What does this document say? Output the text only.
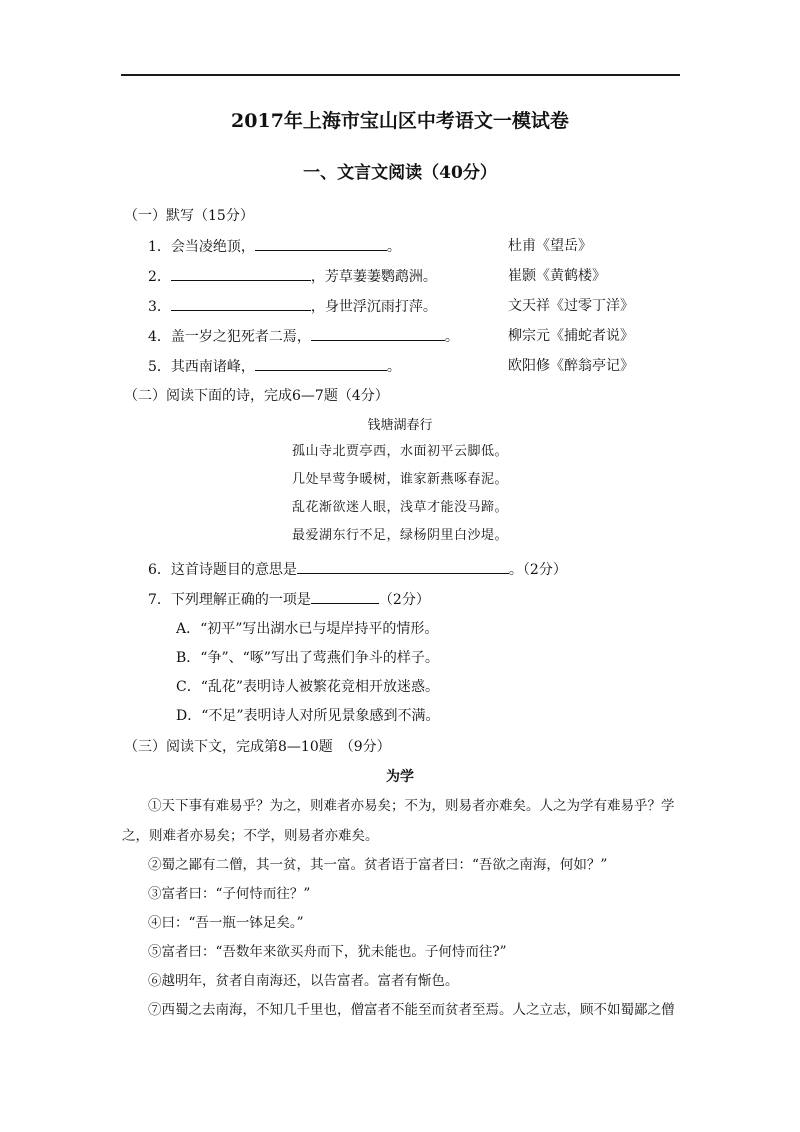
2017年上海市宝山区中考语文一模试卷
一、文言文阅读（40分）
（一）默写（15分）
1．会当凌绝顶，	。	杜甫《望岳》
2．	，芳草萋萋鹦鹉洲。	崔颢《黄鹤楼》
3．	，身世浮沉雨打萍。	文天祥《过零丁洋》
4．盖一岁之犯死者二焉，	。	柳宗元《捕蛇者说》
5．其西南诸峰，	。	欧阳修《醉翁亭记》
（二）阅读下面的诗，完成6—7题（4分）
钱塘湖春行
孤山寺北贾亭西，水面初平云脚低。
几处早莺争暖树，谁家新燕啄春泥。
乱花渐欲迷人眼，浅草才能没马蹄。
最爱湖东行不足，绿杨阴里白沙堤。
6．这首诗题目的意思是	。（2分）
7．下列理解正确的一项是	（2分）
A．“初平”写出湖水已与堤岸持平的情形。
B．“争”、“啄”写出了莺燕们争斗的样子。
C．“乱花”表明诗人被繁花竞相开放迷惑。
D．“不足”表明诗人对所见景象感到不满。
（三）阅读下文，完成第8—10题　（9分）
为学
①天下事有难易乎？为之，则难者亦易矣；不为，则易者亦难矣。人之为学有难易乎？学
之，则难者亦易矣；不学，则易者亦难矣。
②蜀之鄙有二僧，其一贫，其一富。贫者语于富者曰：“吾欲之南海，何如？”
③富者曰：“子何恃而往？”
④曰：“吾一瓶一钵足矣。”
⑤富者曰：“吾数年来欲买舟而下，犹未能也。子何恃而往?”
⑥越明年，贫者自南海还，以告富者。富者有惭色。
⑦西蜀之去南海，不知几千里也，僧富者不能至而贫者至焉。人之立志，顾不如蜀鄙之僧
